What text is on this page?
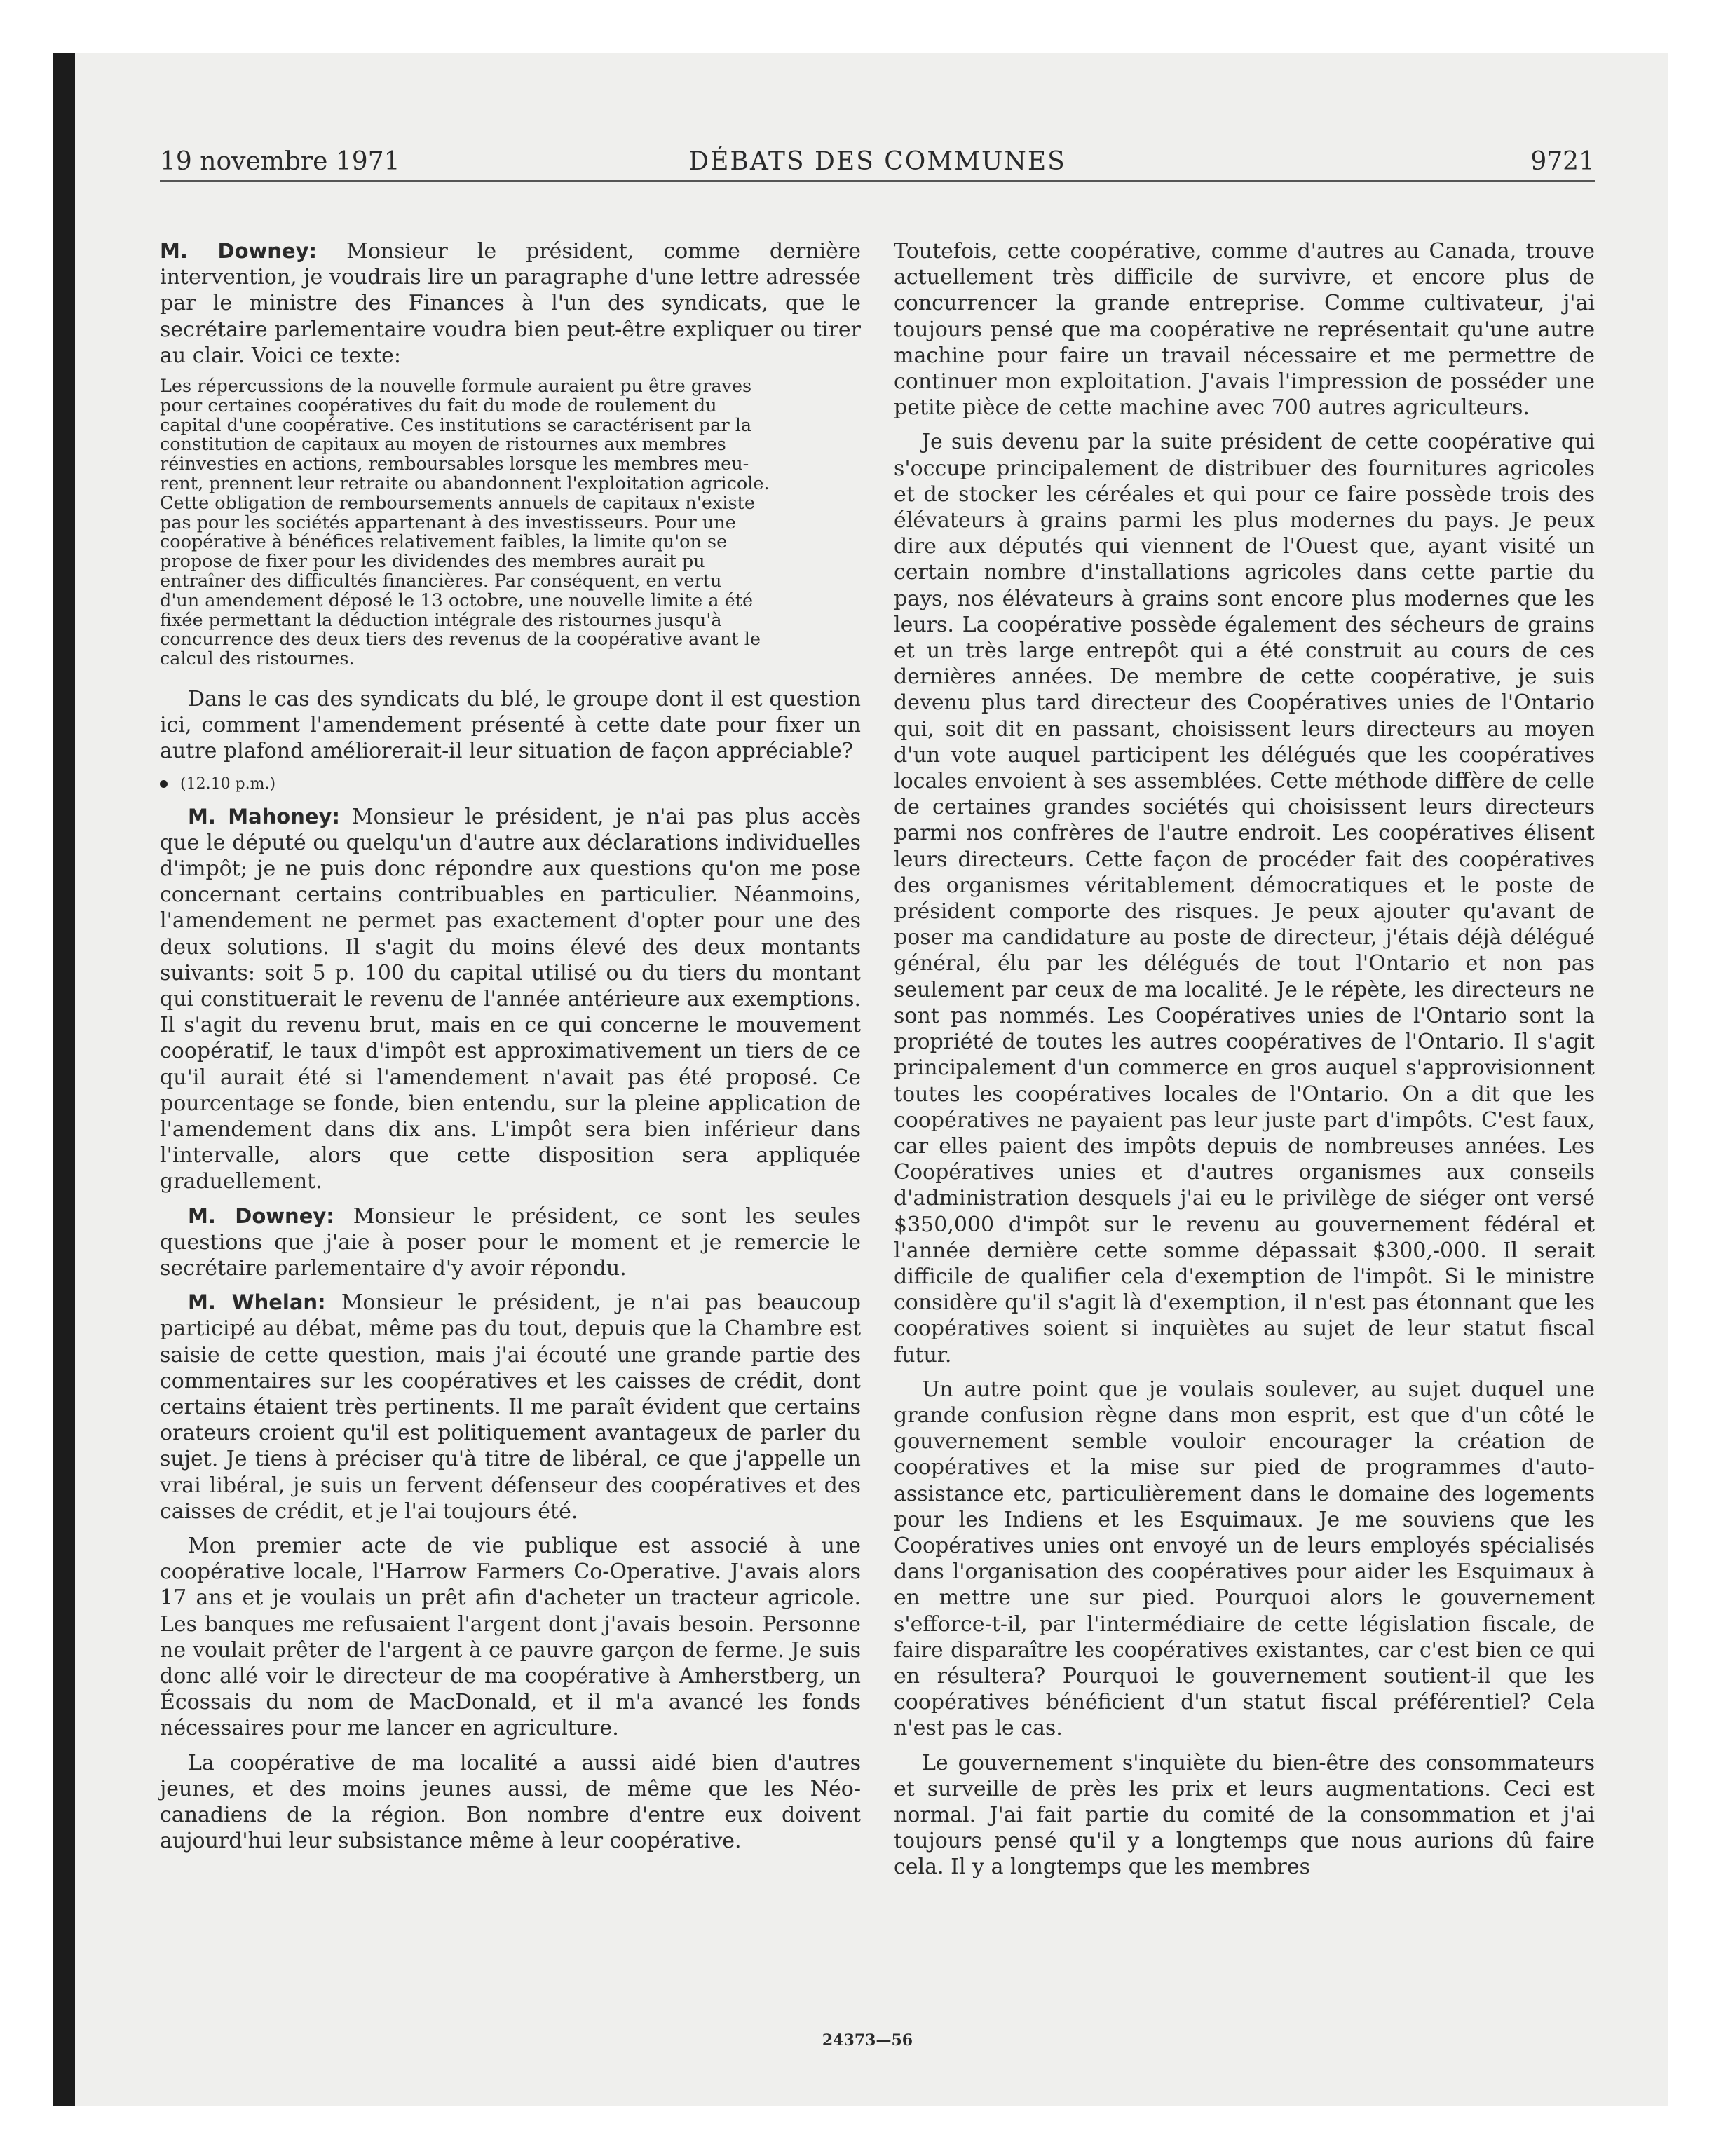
19 novembre 1971	DÉBATS DES COMMUNES	9721

M. Downey: Monsieur le président, comme dernière intervention, je voudrais lire un paragraphe d'une lettre adressée par le ministre des Finances à l'un des syndicats, que le secrétaire parlementaire voudra bien peut-être expliquer ou tirer au clair. Voici ce texte:

Les répercussions de la nouvelle formule auraient pu être graves
pour certaines coopératives du fait du mode de roulement du
capital d'une coopérative. Ces institutions se caractérisent par la
constitution de capitaux au moyen de ristournes aux membres
réinvesties en actions, remboursables lorsque les membres meu-
rent, prennent leur retraite ou abandonnent l'exploitation agricole.
Cette obligation de remboursements annuels de capitaux n'existe
pas pour les sociétés appartenant à des investisseurs. Pour une
coopérative à bénéfices relativement faibles, la limite qu'on se
propose de fixer pour les dividendes des membres aurait pu
entraîner des difficultés financières. Par conséquent, en vertu
d'un amendement déposé le 13 octobre, une nouvelle limite a été
fixée permettant la déduction intégrale des ristournes jusqu'à
concurrence des deux tiers des revenus de la coopérative avant le
calcul des ristournes.

Dans le cas des syndicats du blé, le groupe dont il est question ici, comment l'amendement présenté à cette date pour fixer un autre plafond améliorerait-il leur situation de façon appréciable?

(12.10 p.m.)

M. Mahoney: Monsieur le président, je n'ai pas plus accès que le député ou quelqu'un d'autre aux déclarations individuelles d'impôt; je ne puis donc répondre aux questions qu'on me pose concernant certains contribuables en particulier. Néanmoins, l'amendement ne permet pas exactement d'opter pour une des deux solutions. Il s'agit du moins élevé des deux montants suivants: soit 5 p. 100 du capital utilisé ou du tiers du montant qui constituerait le revenu de l'année antérieure aux exemptions. Il s'agit du revenu brut, mais en ce qui concerne le mouvement coopératif, le taux d'impôt est approximativement un tiers de ce qu'il aurait été si l'amendement n'avait pas été proposé. Ce pourcentage se fonde, bien entendu, sur la pleine application de l'amendement dans dix ans. L'impôt sera bien inférieur dans l'intervalle, alors que cette disposition sera appliquée graduellement.

M. Downey: Monsieur le président, ce sont les seules questions que j'aie à poser pour le moment et je remercie le secrétaire parlementaire d'y avoir répondu.

M. Whelan: Monsieur le président, je n'ai pas beaucoup participé au débat, même pas du tout, depuis que la Chambre est saisie de cette question, mais j'ai écouté une grande partie des commentaires sur les coopératives et les caisses de crédit, dont certains étaient très pertinents. Il me paraît évident que certains orateurs croient qu'il est politiquement avantageux de parler du sujet. Je tiens à préciser qu'à titre de libéral, ce que j'appelle un vrai libéral, je suis un fervent défenseur des coopératives et des caisses de crédit, et je l'ai toujours été.

Mon premier acte de vie publique est associé à une coopérative locale, l'Harrow Farmers Co-Operative. J'avais alors 17 ans et je voulais un prêt afin d'acheter un tracteur agricole. Les banques me refusaient l'argent dont j'avais besoin. Personne ne voulait prêter de l'argent à ce pauvre garçon de ferme. Je suis donc allé voir le directeur de ma coopérative à Amherstberg, un Écossais du nom de MacDonald, et il m'a avancé les fonds nécessaires pour me lancer en agriculture.

La coopérative de ma localité a aussi aidé bien d'autres jeunes, et des moins jeunes aussi, de même que les Néo-canadiens de la région. Bon nombre d'entre eux doivent aujourd'hui leur subsistance même à leur coopérative.

Toutefois, cette coopérative, comme d'autres au Canada, trouve actuellement très difficile de survivre, et encore plus de concurrencer la grande entreprise. Comme cultivateur, j'ai toujours pensé que ma coopérative ne représentait qu'une autre machine pour faire un travail nécessaire et me permettre de continuer mon exploitation. J'avais l'impression de posséder une petite pièce de cette machine avec 700 autres agriculteurs.

Je suis devenu par la suite président de cette coopérative qui s'occupe principalement de distribuer des fournitures agricoles et de stocker les céréales et qui pour ce faire possède trois des élévateurs à grains parmi les plus modernes du pays. Je peux dire aux députés qui viennent de l'Ouest que, ayant visité un certain nombre d'installations agricoles dans cette partie du pays, nos élévateurs à grains sont encore plus modernes que les leurs. La coopérative possède également des sécheurs de grains et un très large entrepôt qui a été construit au cours de ces dernières années. De membre de cette coopérative, je suis devenu plus tard directeur des Coopératives unies de l'Ontario qui, soit dit en passant, choisissent leurs directeurs au moyen d'un vote auquel participent les délégués que les coopératives locales envoient à ses assemblées. Cette méthode diffère de celle de certaines grandes sociétés qui choisissent leurs directeurs parmi nos confrères de l'autre endroit. Les coopératives élisent leurs directeurs. Cette façon de procéder fait des coopératives des organismes véritablement démocratiques et le poste de président comporte des risques. Je peux ajouter qu'avant de poser ma candidature au poste de directeur, j'étais déjà délégué général, élu par les délégués de tout l'Ontario et non pas seulement par ceux de ma localité. Je le répète, les directeurs ne sont pas nommés. Les Coopératives unies de l'Ontario sont la propriété de toutes les autres coopératives de l'Ontario. Il s'agit principalement d'un commerce en gros auquel s'approvisionnent toutes les coopératives locales de l'Ontario. On a dit que les coopératives ne payaient pas leur juste part d'impôts. C'est faux, car elles paient des impôts depuis de nombreuses années. Les Coopératives unies et d'autres organismes aux conseils d'administration desquels j'ai eu le privilège de siéger ont versé $350,000 d'impôt sur le revenu au gouvernement fédéral et l'année dernière cette somme dépassait $300,-000. Il serait difficile de qualifier cela d'exemption de l'impôt. Si le ministre considère qu'il s'agit là d'exemption, il n'est pas étonnant que les coopératives soient si inquiètes au sujet de leur statut fiscal futur.

Un autre point que je voulais soulever, au sujet duquel une grande confusion règne dans mon esprit, est que d'un côté le gouvernement semble vouloir encourager la création de coopératives et la mise sur pied de programmes d'auto-assistance etc, particulièrement dans le domaine des logements pour les Indiens et les Esquimaux. Je me souviens que les Coopératives unies ont envoyé un de leurs employés spécialisés dans l'organisation des coopératives pour aider les Esquimaux à en mettre une sur pied. Pourquoi alors le gouvernement s'efforce-t-il, par l'intermédiaire de cette législation fiscale, de faire disparaître les coopératives existantes, car c'est bien ce qui en résultera? Pourquoi le gouvernement soutient-il que les coopératives bénéficient d'un statut fiscal préférentiel? Cela n'est pas le cas.

Le gouvernement s'inquiète du bien-être des consommateurs et surveille de près les prix et leurs augmentations. Ceci est normal. J'ai fait partie du comité de la consommation et j'ai toujours pensé qu'il y a longtemps que nous aurions dû faire cela. Il y a longtemps que les membres

24373—56
